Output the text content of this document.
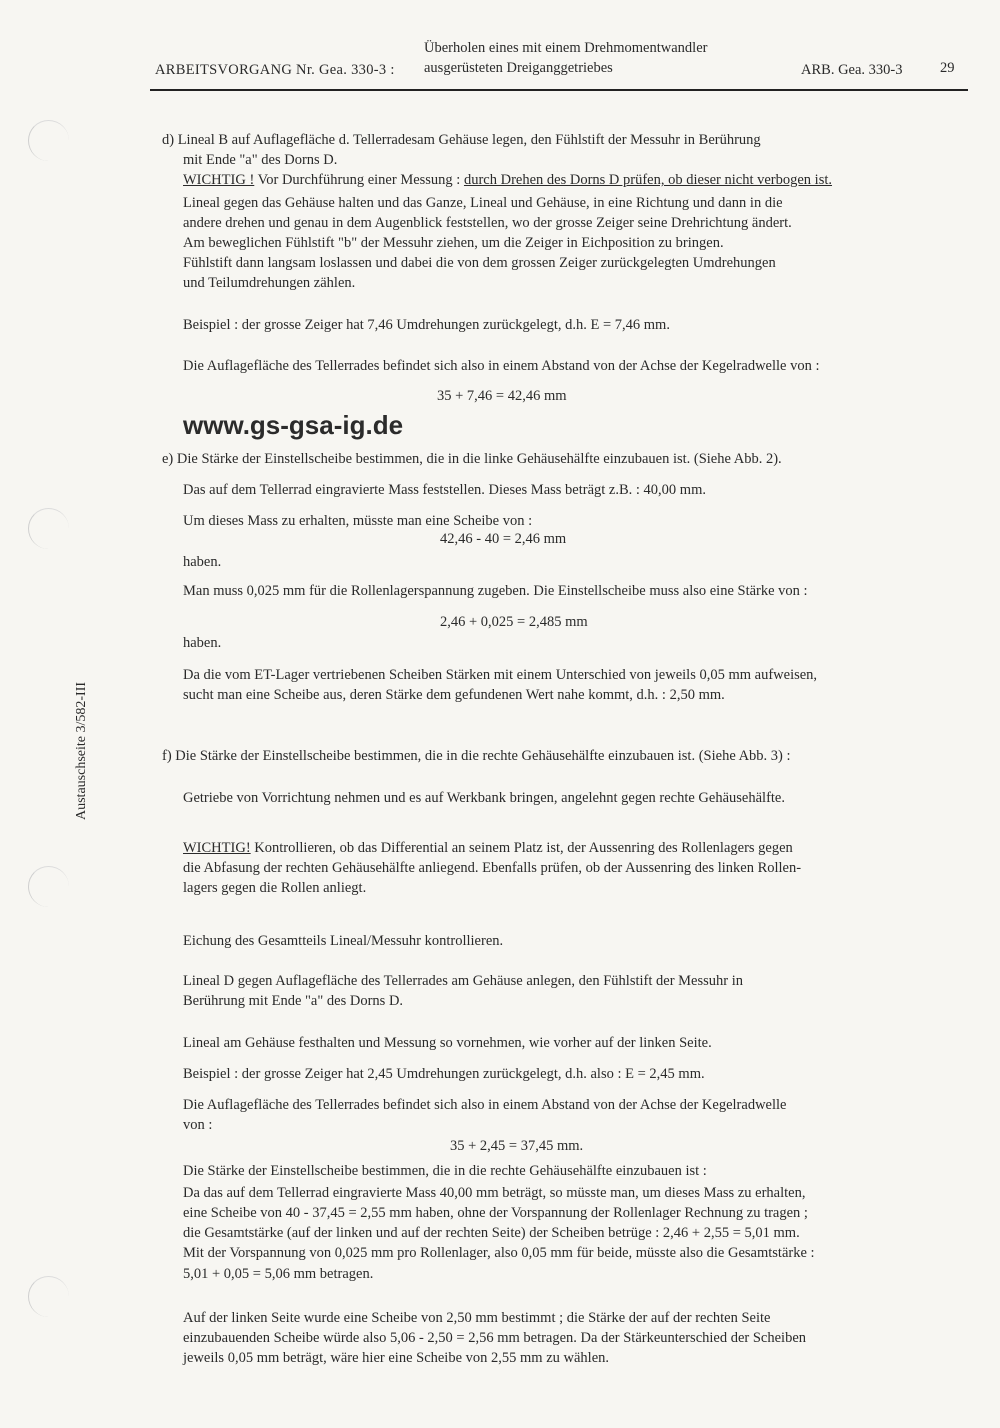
ARBEITSVORGANG Nr. Gea. 330-3 :
Überholen eines mit einem Drehmomentwandler
ausgerüsteten Dreiganggetriebes	ARB. Gea. 330-3	29
Austauschseite 3/582-III
www.gs-gsa-ig.de
d) Lineal B auf Auflagefläche d. Tellerradesam Gehäuse legen, den Fühlstift der Messuhr in Berührung
mit Ende "a" des Dorns D.
WICHTIG ! Vor Durchführung einer Messung : durch Drehen des Dorns D prüfen, ob dieser nicht verbogen ist.
Lineal gegen das Gehäuse halten und das Ganze, Lineal und Gehäuse, in eine Richtung und dann in die
andere drehen und genau in dem Augenblick feststellen, wo der grosse Zeiger seine Drehrichtung ändert.
Am beweglichen Fühlstift "b" der Messuhr ziehen, um die Zeiger in Eichposition zu bringen.
Fühlstift dann langsam loslassen und dabei die von dem grossen Zeiger zurückgelegten Umdrehungen
und Teilumdrehungen zählen.
Beispiel : der grosse Zeiger hat 7,46 Umdrehungen zurückgelegt, d.h. E = 7,46 mm.
Die Auflagefläche des Tellerrades befindet sich also in einem Abstand von der Achse der Kegelradwelle von :
35 + 7,46 = 42,46 mm
e) Die Stärke der Einstellscheibe bestimmen, die in die linke Gehäusehälfte einzubauen ist. (Siehe Abb. 2).
Das auf dem Tellerrad eingravierte Mass feststellen. Dieses Mass beträgt z.B. : 40,00 mm.
Um dieses Mass zu erhalten, müsste man eine Scheibe von :
42,46 - 40 = 2,46 mm
haben.
Man muss 0,025 mm für die Rollenlagerspannung zugeben. Die Einstellscheibe muss also eine Stärke von :
2,46 + 0,025 = 2,485 mm
haben.
Da die vom ET-Lager vertriebenen Scheiben Stärken mit einem Unterschied von jeweils 0,05 mm aufweisen,
sucht man eine Scheibe aus, deren Stärke dem gefundenen Wert nahe kommt, d.h. : 2,50 mm.
f) Die Stärke der Einstellscheibe bestimmen, die in die rechte Gehäusehälfte einzubauen ist. (Siehe Abb. 3) :
Getriebe von Vorrichtung nehmen und es auf Werkbank bringen, angelehnt gegen rechte Gehäusehälfte.
WICHTIG! Kontrollieren, ob das Differential an seinem Platz ist, der Aussenring des Rollenlagers gegen
die Abfasung der rechten Gehäusehälfte anliegend. Ebenfalls prüfen, ob der Aussenring des linken Rollen-
lagers gegen die Rollen anliegt.
Eichung des Gesamtteils Lineal/Messuhr kontrollieren.
Lineal D gegen Auflagefläche des Tellerrades am Gehäuse anlegen, den Fühlstift der Messuhr in
Berührung mit Ende "a" des Dorns D.
Lineal am Gehäuse festhalten und Messung so vornehmen, wie vorher auf der linken Seite.
Beispiel : der grosse Zeiger hat 2,45 Umdrehungen zurückgelegt, d.h. also : E = 2,45 mm.
Die Auflagefläche des Tellerrades befindet sich also in einem Abstand von der Achse der Kegelradwelle
von :
35 + 2,45 = 37,45 mm.
Die Stärke der Einstellscheibe bestimmen, die in die rechte Gehäusehälfte einzubauen ist :
Da das auf dem Tellerrad eingravierte Mass 40,00 mm beträgt, so müsste man, um dieses Mass zu erhalten,
eine Scheibe von 40 - 37,45 = 2,55 mm haben, ohne der Vorspannung der Rollenlager Rechnung zu tragen ;
die Gesamtstärke (auf der linken und auf der rechten Seite) der Scheiben betrüge : 2,46 + 2,55 = 5,01 mm.
Mit der Vorspannung von 0,025 mm pro Rollenlager, also 0,05 mm für beide, müsste also die Gesamtstärke :
5,01 + 0,05 = 5,06 mm betragen.
Auf der linken Seite wurde eine Scheibe von 2,50 mm bestimmt ; die Stärke der auf der rechten Seite
einzubauenden Scheibe würde also 5,06 - 2,50 = 2,56 mm betragen. Da der Stärkeunterschied der Scheiben
jeweils 0,05 mm beträgt, wäre hier eine Scheibe von 2,55 mm zu wählen.
